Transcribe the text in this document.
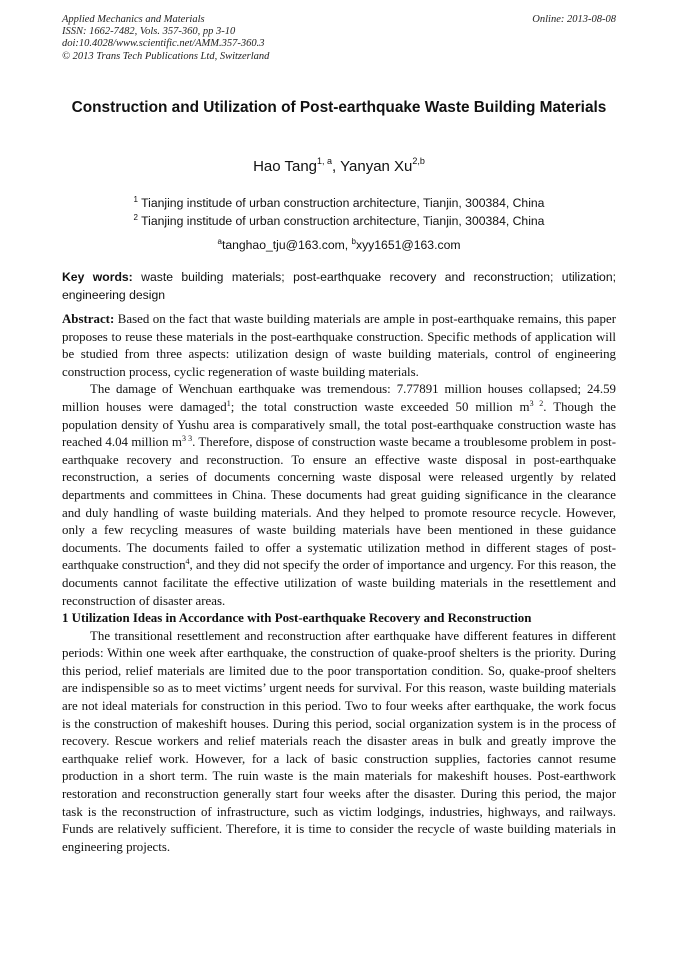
Applied Mechanics and Materials
ISSN: 1662-7482, Vols. 357-360, pp 3-10
doi:10.4028/www.scientific.net/AMM.357-360.3
© 2013 Trans Tech Publications Ltd, Switzerland
Online: 2013-08-08
Construction and Utilization of Post-earthquake Waste Building Materials
Hao Tang$^{1, a}$, Yanyan Xu$^{2,b}$
$^1$ Tianjing institude of urban construction architecture, Tianjin, 300384, China
$^2$ Tianjing institude of urban construction architecture, Tianjin, 300384, China
$^a$tanghao_tju@163.com, $^b$xyy1651@163.com
Key words: waste building materials; post-earthquake recovery and reconstruction; utilization; engineering design

Abstract: Based on the fact that waste building materials are ample in post-earthquake remains, this paper proposes to reuse these materials in the post-earthquake construction. Specific methods of application will be studied from three aspects: utilization design of waste building materials, control of engineering construction process, cyclic regeneration of waste building materials.

The damage of Wenchuan earthquake was tremendous: 7.77891 million houses collapsed; 24.59 million houses were damaged$^1$; the total construction waste exceeded 50 million $m^{3 2}$. Though the population density of Yushu area is comparatively small, the total post-earthquake construction waste has reached 4.04 million $m^{3 3}$. Therefore, dispose of construction waste became a troublesome problem in post-earthquake recovery and reconstruction. To ensure an effective waste disposal in post-earthquake reconstruction, a series of documents concerning waste disposal were released urgently by related departments and committees in China. These documents had great guiding significance in the clearance and duly handling of waste building materials. And they helped to promote resource recycle. However, only a few recycling measures of waste building materials have been mentioned in these guidance documents. The documents failed to offer a systematic utilization method in different stages of post-earthquake construction$^4$, and they did not specify the order of importance and urgency. For this reason, the documents cannot facilitate the effective utilization of waste building materials in the resettlement and reconstruction of disaster areas.

1 Utilization Ideas in Accordance with Post-earthquake Recovery and Reconstruction

The transitional resettlement and reconstruction after earthquake have different features in different periods: Within one week after earthquake, the construction of quake-proof shelters is the priority. During this period, relief materials are limited due to the poor transportation condition. So, quake-proof shelters are indispensible so as to meet victims’ urgent needs for survival. For this reason, waste building materials are not ideal materials for construction in this period. Two to four weeks after earthquake, the work focus is the construction of makeshift houses. During this period, social organization system is in the process of recovery. Rescue workers and relief materials reach the disaster areas in bulk and greatly improve the earthquake relief work. However, for a lack of basic construction supplies, factories cannot resume production in a short term. The ruin waste is the main materials for makeshift houses. Post-earthwork restoration and reconstruction generally start four weeks after the disaster. During this period, the major task is the reconstruction of infrastructure, such as victim lodgings, industries, highways, and railways. Funds are relatively sufficient. Therefore, it is time to consider the recycle of waste building materials in engineering projects.
